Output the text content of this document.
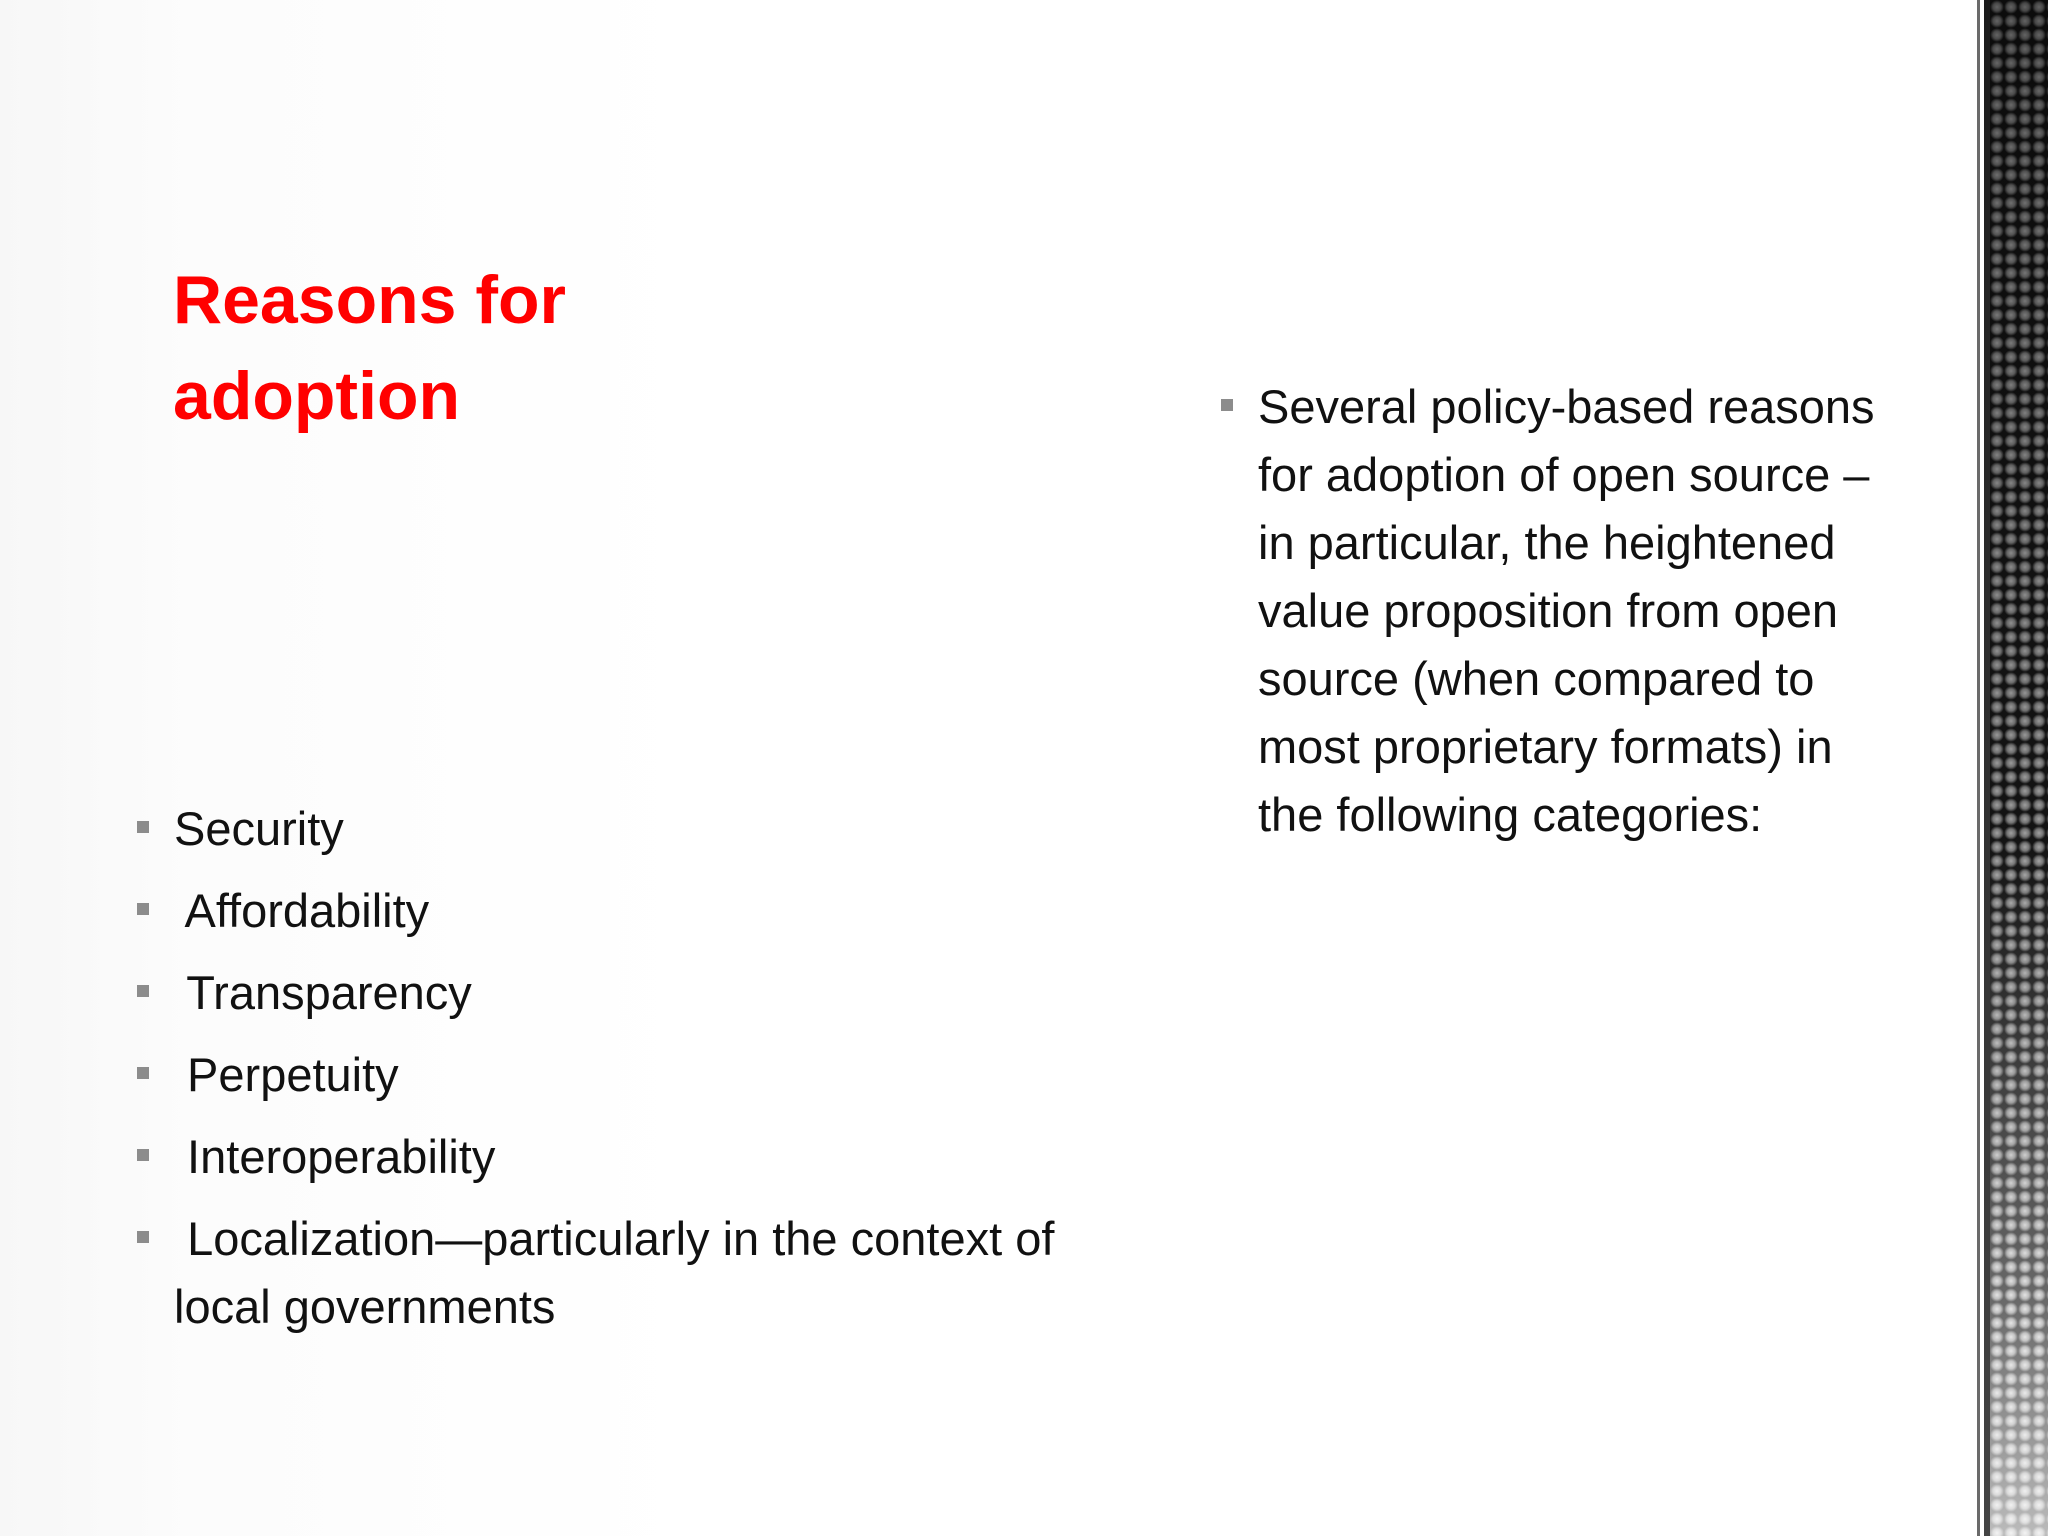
Reasons for adoption
Security
Affordability
Transparency
Perpetuity
Interoperability
Localization—particularly in the context of local governments
Several policy-based reasons for adoption of open source – in particular, the heightened value proposition from open source (when compared to most proprietary formats) in the following categories:
